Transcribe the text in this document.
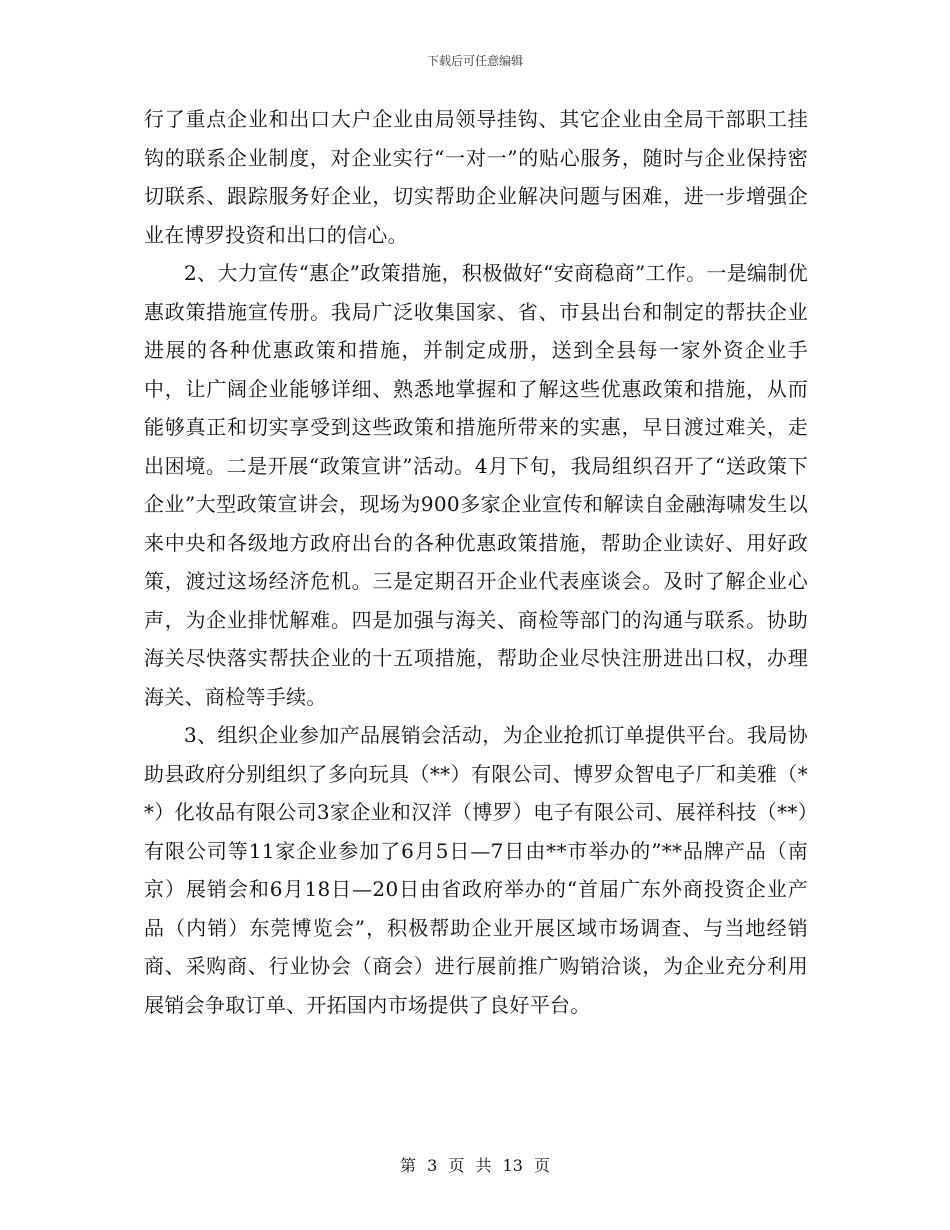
下载后可任意编辑

行了重点企业和出口大户企业由局领导挂钩、其它企业由全局干部职工挂钩的联系企业制度，对企业实行“一对一”的贴心服务，随时与企业保持密切联系、跟踪服务好企业，切实帮助企业解决问题与困难，进一步增强企业在博罗投资和出口的信心。

2、大力宣传“惠企”政策措施，积极做好“安商稳商”工作。一是编制优惠政策措施宣传册。我局广泛收集国家、省、市县出台和制定的帮扶企业进展的各种优惠政策和措施，并制定成册，送到全县每一家外资企业手中，让广阔企业能够详细、熟悉地掌握和了解这些优惠政策和措施，从而能够真正和切实享受到这些政策和措施所带来的实惠，早日渡过难关，走出困境。二是开展“政策宣讲”活动。4月下旬，我局组织召开了“送政策下企业”大型政策宣讲会，现场为900多家企业宣传和解读自金融海啸发生以来中央和各级地方政府出台的各种优惠政策措施，帮助企业读好、用好政策，渡过这场经济危机。三是定期召开企业代表座谈会。及时了解企业心声，为企业排忧解难。四是加强与海关、商检等部门的沟通与联系。协助海关尽快落实帮扶企业的十五项措施，帮助企业尽快注册进出口权，办理海关、商检等手续。

3、组织企业参加产品展销会活动，为企业抢抓订单提供平台。我局协助县政府分别组织了多向玩具（**）有限公司、博罗众智电子厂和美雅（**）化妆品有限公司3家企业和汉洋（博罗）电子有限公司、展祥科技（**）有限公司等11家企业参加了6月5日—7日由**市举办的”**品牌产品（南京）展销会和6月18日—20日由省政府举办的“首届广东外商投资企业产品（内销）东莞博览会”，积极帮助企业开展区域市场调查、与当地经销商、采购商、行业协会（商会）进行展前推广购销洽谈，为企业充分利用展销会争取订单、开拓国内市场提供了良好平台。

第 3 页 共 13 页
